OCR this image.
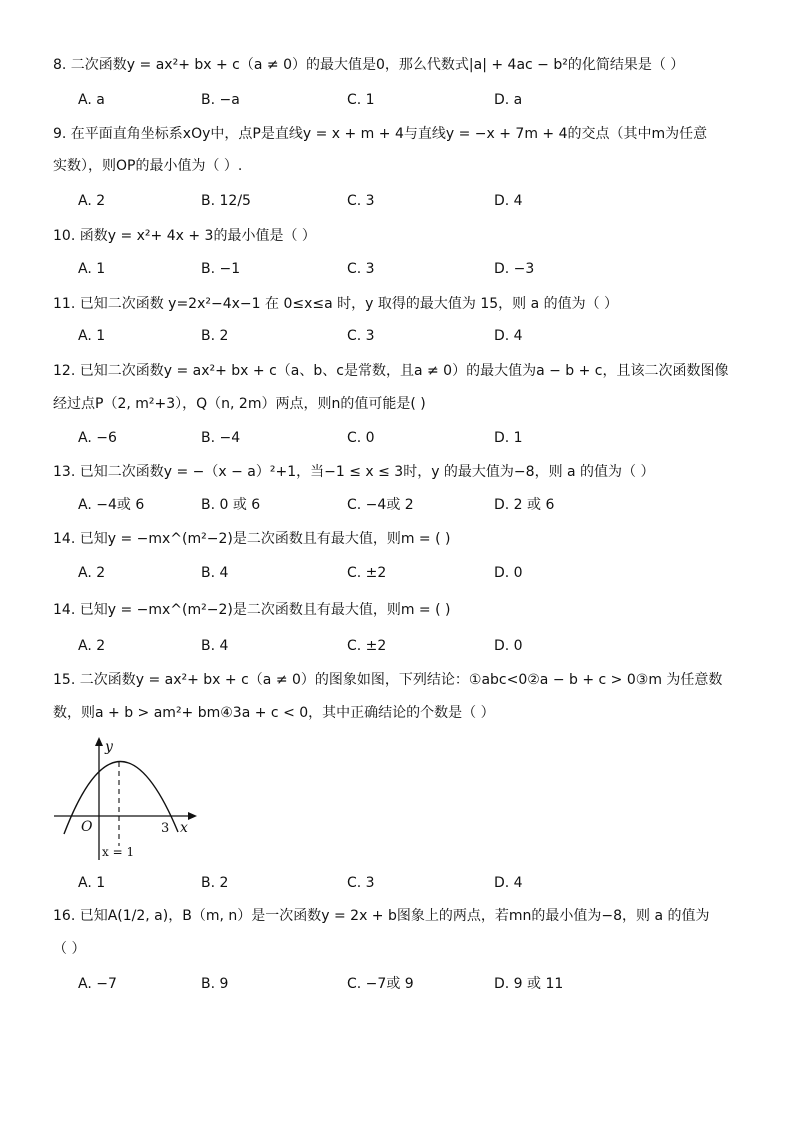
8. 二次函数y = ax²+ bx + c（a ≠ 0）的最大值是0，那么代数式|a| + 4ac − b²的化简结果是（ ）
A. a	B. −a	C. 1	D. a
9. 在平面直角坐标系xOy中，点P是直线y = x + m + 4与直线y = −x + 7m + 4的交点（其中m为任意
实数），则OP的最小值为（ ）.
A. 2	B. 12/5	C. 3	D. 4
10. 函数y = x²+ 4x + 3的最小值是（ ）
A. 1	B. −1	C. 3	D. −3
11. 已知二次函数 y=2x²−4x−1 在 0≤x≤a 时，y 取得的最大值为 15，则 a 的值为（ ）
A. 1	B. 2	C. 3	D. 4
12. 已知二次函数y = ax²+ bx + c（a、b、c是常数，且a ≠ 0）的最大值为a − b + c，且该二次函数图像
经过点P（2, m²+3），Q（n, 2m）两点，则n的值可能是( )
A. −6	B. −4	C. 0	D. 1
13. 已知二次函数y = −（x − a）²+1，当−1 ≤ x ≤ 3时，y 的最大值为−8，则 a 的值为（ ）
A. −4或 6	B. 0 或 6	C. −4或 2	D. 2 或 6
14. 已知y = −mx^(m²−2)是二次函数且有最大值，则m = ( )
A. 2	B. 4	C. ±2	D. 0
14. 已知y = −mx^(m²−2)是二次函数且有最大值，则m = ( )
A. 2	B. 4	C. ±2	D. 0
15. 二次函数y = ax²+ bx + c（a ≠ 0）的图象如图，下列结论：①abc<0②a − b + c > 0③m 为任意数
数，则a + b > am²+ bm④3a + c < 0，其中正确结论的个数是（ ）
y
x
O	3
x = 1
A. 1	B. 2	C. 3	D. 4
16. 已知A(1/2, a)，B（m, n）是一次函数y = 2x + b图象上的两点，若mn的最小值为−8，则 a 的值为
（ ）
A. −7	B. 9	C. −7或 9	D. 9 或 11
